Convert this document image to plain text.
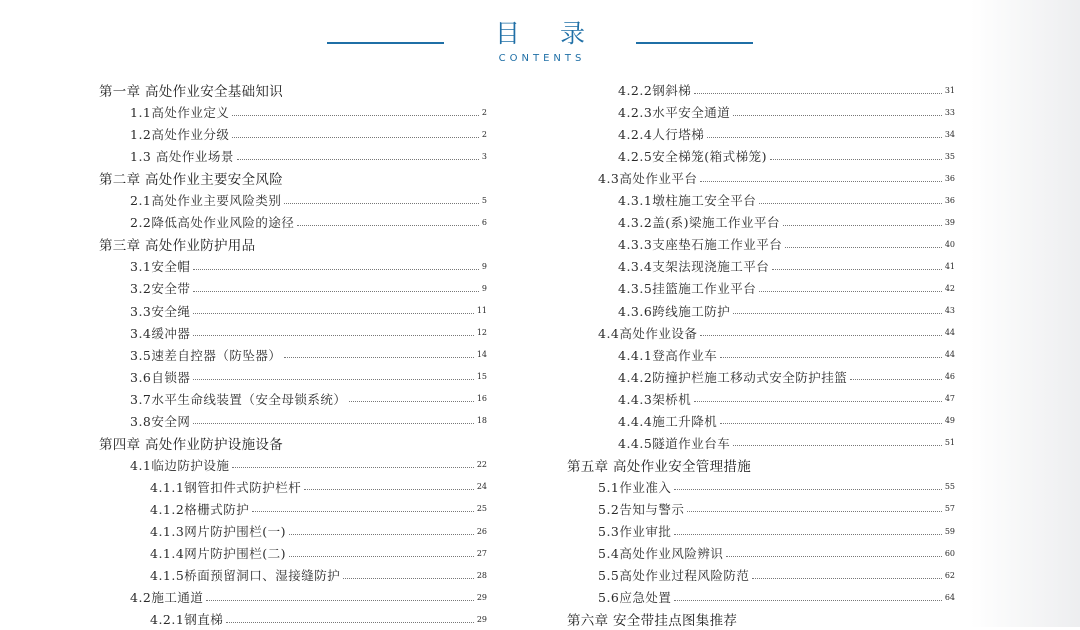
目录
CONTENTS
第一章 高处作业安全基础知识
1.1高处作业定义	2
1.2高处作业分级	2
1.3 高处作业场景	3
第二章 高处作业主要安全风险
2.1高处作业主要风险类别	5
2.2降低高处作业风险的途径	6
第三章 高处作业防护用品
3.1安全帽	9
3.2安全带	9
3.3安全绳	11
3.4缓冲器	12
3.5速差自控器（防坠器）	14
3.6自锁器	15
3.7水平生命线装置（安全母锁系统）	16
3.8安全网	18
第四章 高处作业防护设施设备
4.1临边防护设施	22
4.1.1钢管扣件式防护栏杆	24
4.1.2格栅式防护	25
4.1.3网片防护围栏(一)	26
4.1.4网片防护围栏(二)	27
4.1.5桥面预留洞口、湿接缝防护	28
4.2施工通道	29
4.2.1钢直梯	29
4.2.2钢斜梯	31
4.2.3水平安全通道	33
4.2.4人行塔梯	34
4.2.5安全梯笼(箱式梯笼)	35
4.3高处作业平台	36
4.3.1墩柱施工安全平台	36
4.3.2盖(系)梁施工作业平台	39
4.3.3支座垫石施工作业平台	40
4.3.4支架法现浇施工平台	41
4.3.5挂篮施工作业平台	42
4.3.6跨线施工防护	43
4.4高处作业设备	44
4.4.1登高作业车	44
4.4.2防撞护栏施工移动式安全防护挂篮	46
4.4.3架桥机	47
4.4.4施工升降机	49
4.4.5隧道作业台车	51
第五章 高处作业安全管理措施
5.1作业准入	55
5.2告知与警示	57
5.3作业审批	59
5.4高处作业风险辨识	60
5.5高处作业过程风险防范	62
5.6应急处置	64
第六章 安全带挂点图集推荐
